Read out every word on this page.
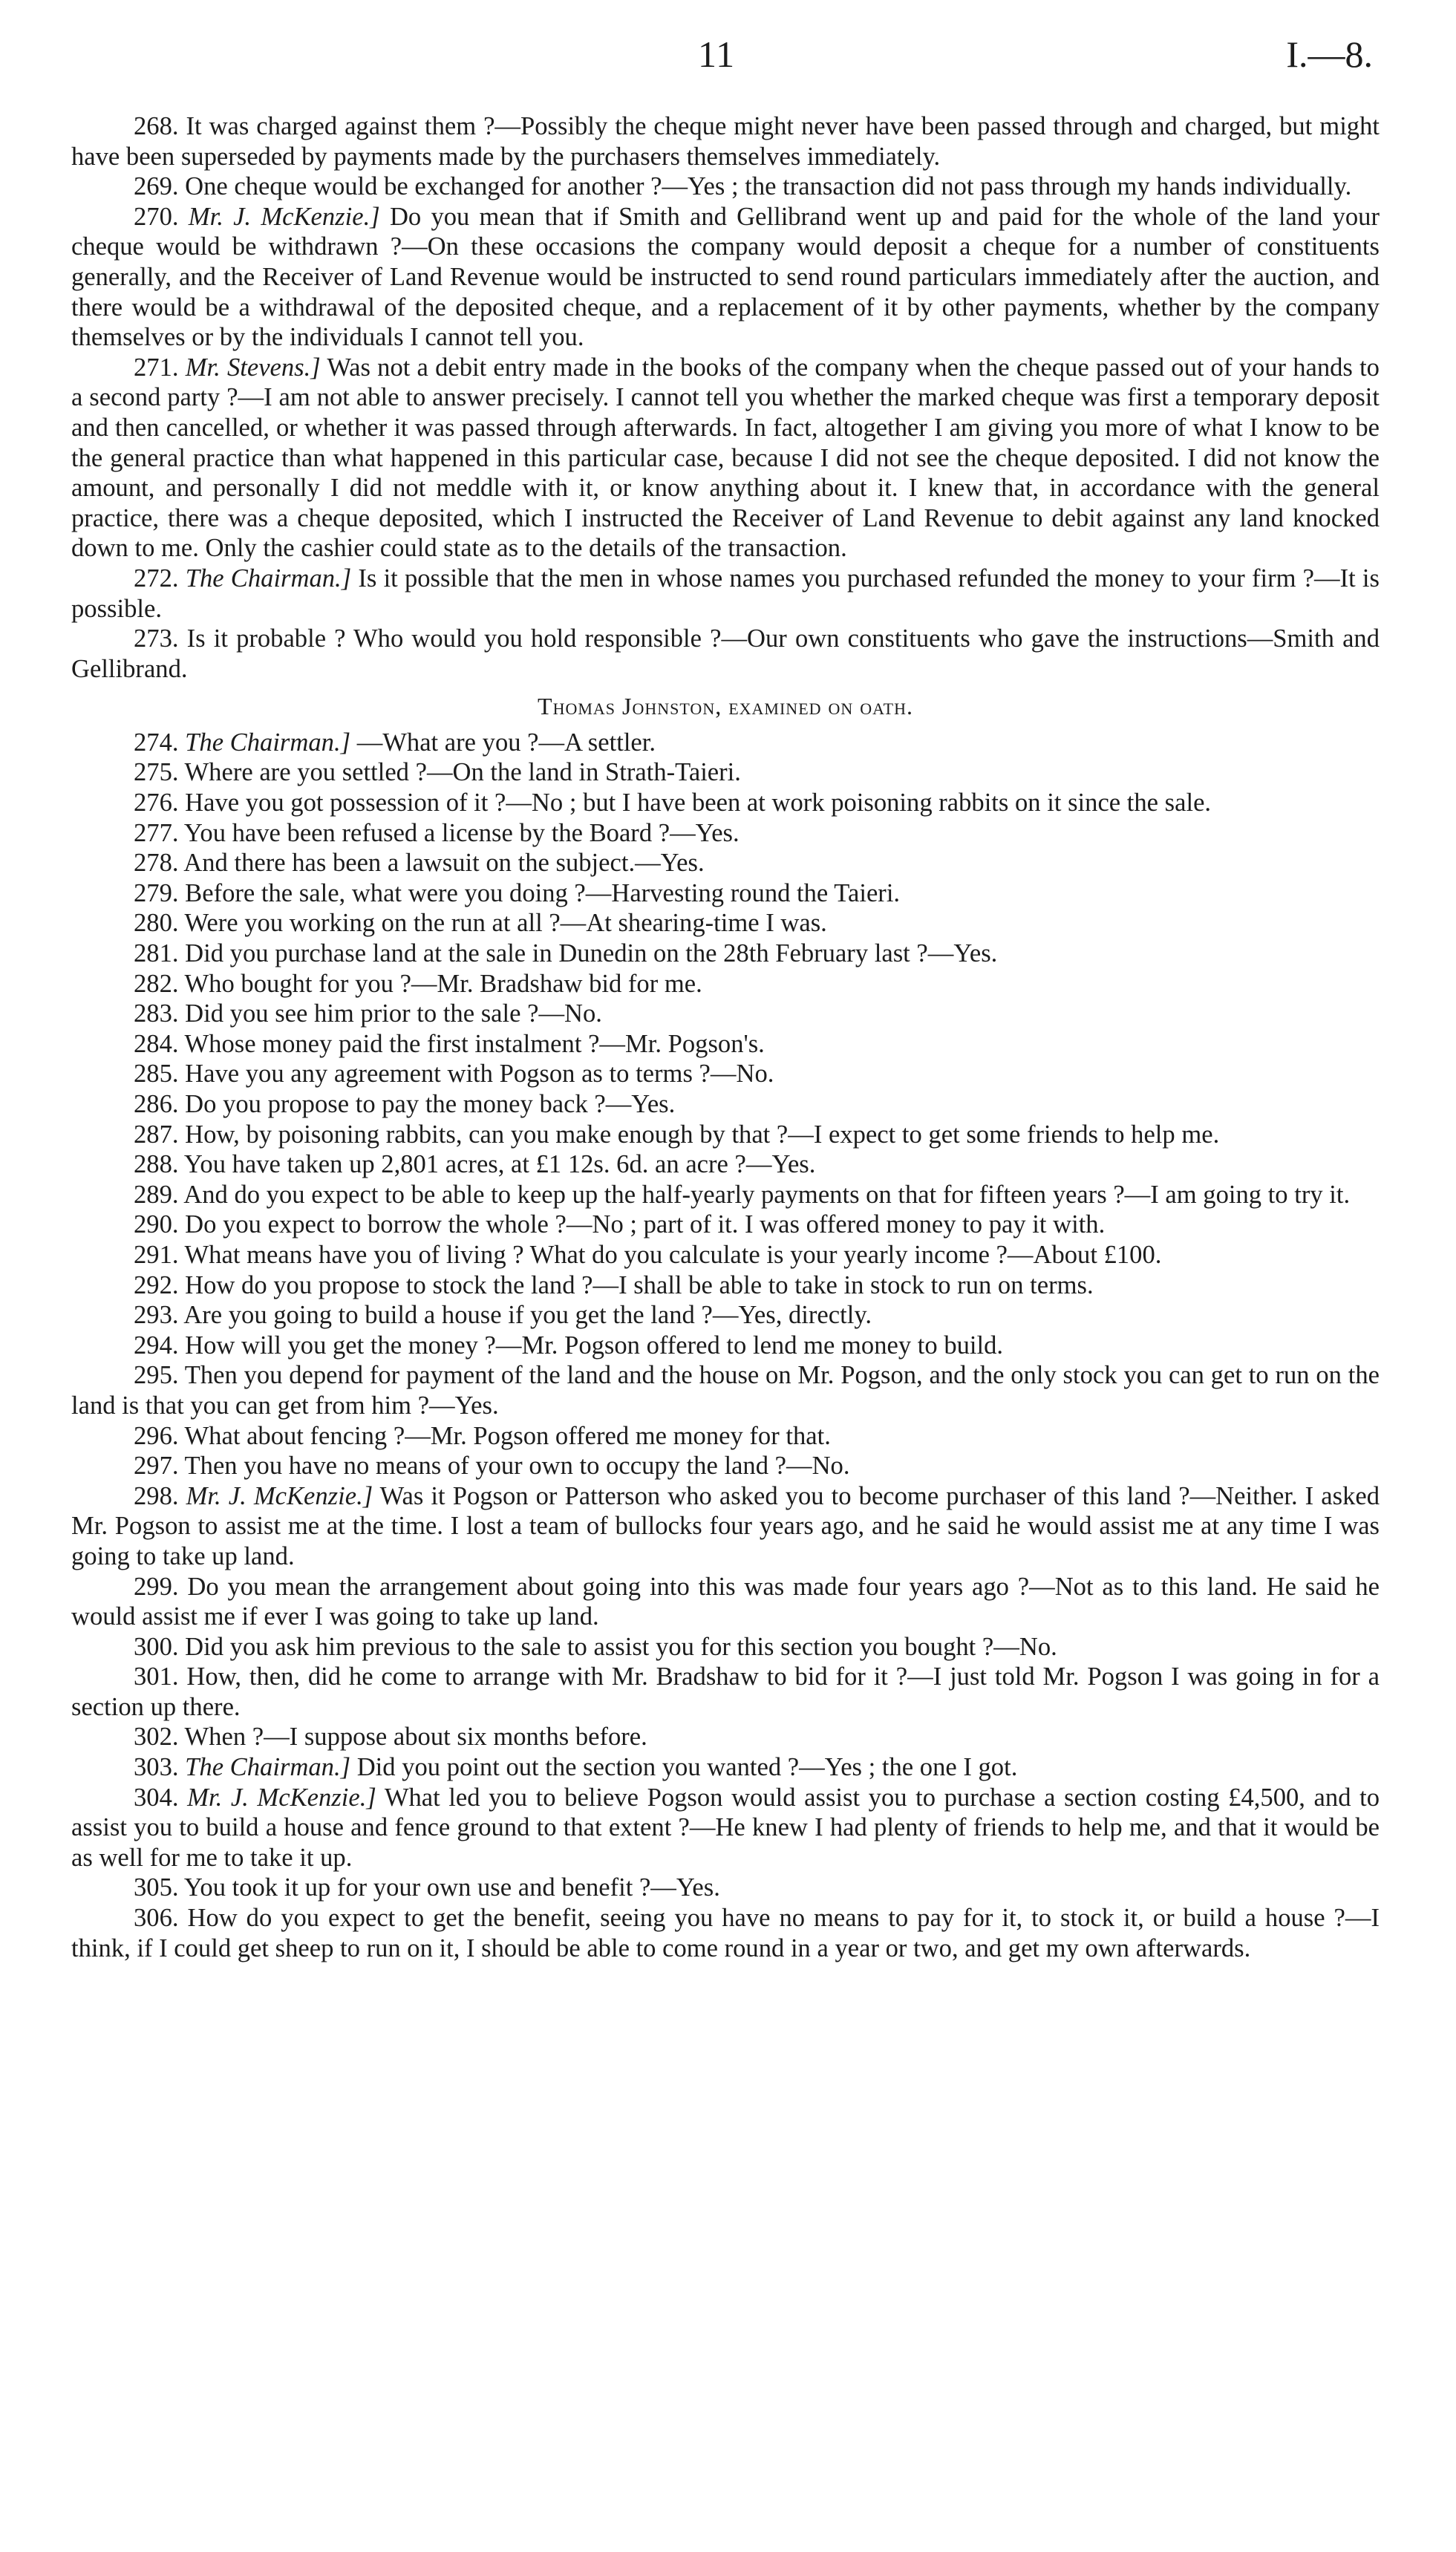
11	I.—8.

268. It was charged against them ?—Possibly the cheque might never have been passed through and charged, but might have been superseded by payments made by the purchasers themselves immediately.

269. One cheque would be exchanged for another ?—Yes ; the transaction did not pass through my hands individually.

270. Mr. J. McKenzie.] Do you mean that if Smith and Gellibrand went up and paid for the whole of the land your cheque would be withdrawn ?—On these occasions the company would deposit a cheque for a number of constituents generally, and the Receiver of Land Revenue would be instructed to send round particulars immediately after the auction, and there would be a withdrawal of the deposited cheque, and a replacement of it by other payments, whether by the company themselves or by the individuals I cannot tell you.

271. Mr. Stevens.] Was not a debit entry made in the books of the company when the cheque passed out of your hands to a second party ?—I am not able to answer precisely. I cannot tell you whether the marked cheque was first a temporary deposit and then cancelled, or whether it was passed through afterwards. In fact, altogether I am giving you more of what I know to be the general practice than what happened in this particular case, because I did not see the cheque deposited. I did not know the amount, and personally I did not meddle with it, or know anything about it. I knew that, in accordance with the general practice, there was a cheque deposited, which I instructed the Receiver of Land Revenue to debit against any land knocked down to me. Only the cashier could state as to the details of the transaction.

272. The Chairman.] Is it possible that the men in whose names you purchased refunded the money to your firm ?—It is possible.

273. Is it probable ? Who would you hold responsible ?—Our own constituents who gave the instructions—Smith and Gellibrand.

Thomas Johnston, examined on oath.

274. The Chairman.] —What are you ?—A settler.

275. Where are you settled ?—On the land in Strath-Taieri.

276. Have you got possession of it ?—No ; but I have been at work poisoning rabbits on it since the sale.

277. You have been refused a license by the Board ?—Yes.

278. And there has been a lawsuit on the subject.—Yes.

279. Before the sale, what were you doing ?—Harvesting round the Taieri.

280. Were you working on the run at all ?—At shearing-time I was.

281. Did you purchase land at the sale in Dunedin on the 28th February last ?—Yes.

282. Who bought for you ?—Mr. Bradshaw bid for me.

283. Did you see him prior to the sale ?—No.

284. Whose money paid the first instalment ?—Mr. Pogson's.

285. Have you any agreement with Pogson as to terms ?—No.

286. Do you propose to pay the money back ?—Yes.

287. How, by poisoning rabbits, can you make enough by that ?—I expect to get some friends to help me.

288. You have taken up 2,801 acres, at £1 12s. 6d. an acre ?—Yes.

289. And do you expect to be able to keep up the half-yearly payments on that for fifteen years ?—I am going to try it.

290. Do you expect to borrow the whole ?—No ; part of it. I was offered money to pay it with.

291. What means have you of living ? What do you calculate is your yearly income ?—About £100.

292. How do you propose to stock the land ?—I shall be able to take in stock to run on terms.

293. Are you going to build a house if you get the land ?—Yes, directly.

294. How will you get the money ?—Mr. Pogson offered to lend me money to build.

295. Then you depend for payment of the land and the house on Mr. Pogson, and the only stock you can get to run on the land is that you can get from him ?—Yes.

296. What about fencing ?—Mr. Pogson offered me money for that.

297. Then you have no means of your own to occupy the land ?—No.

298. Mr. J. McKenzie.] Was it Pogson or Patterson who asked you to become purchaser of this land ?—Neither. I asked Mr. Pogson to assist me at the time. I lost a team of bullocks four years ago, and he said he would assist me at any time I was going to take up land.

299. Do you mean the arrangement about going into this was made four years ago ?—Not as to this land. He said he would assist me if ever I was going to take up land.

300. Did you ask him previous to the sale to assist you for this section you bought ?—No.

301. How, then, did he come to arrange with Mr. Bradshaw to bid for it ?—I just told Mr. Pogson I was going in for a section up there.

302. When ?—I suppose about six months before.

303. The Chairman.] Did you point out the section you wanted ?—Yes ; the one I got.

304. Mr. J. McKenzie.] What led you to believe Pogson would assist you to purchase a section costing £4,500, and to assist you to build a house and fence ground to that extent ?—He knew I had plenty of friends to help me, and that it would be as well for me to take it up.

305. You took it up for your own use and benefit ?—Yes.

306. How do you expect to get the benefit, seeing you have no means to pay for it, to stock it, or build a house ?—I think, if I could get sheep to run on it, I should be able to come round in a year or two, and get my own afterwards.
